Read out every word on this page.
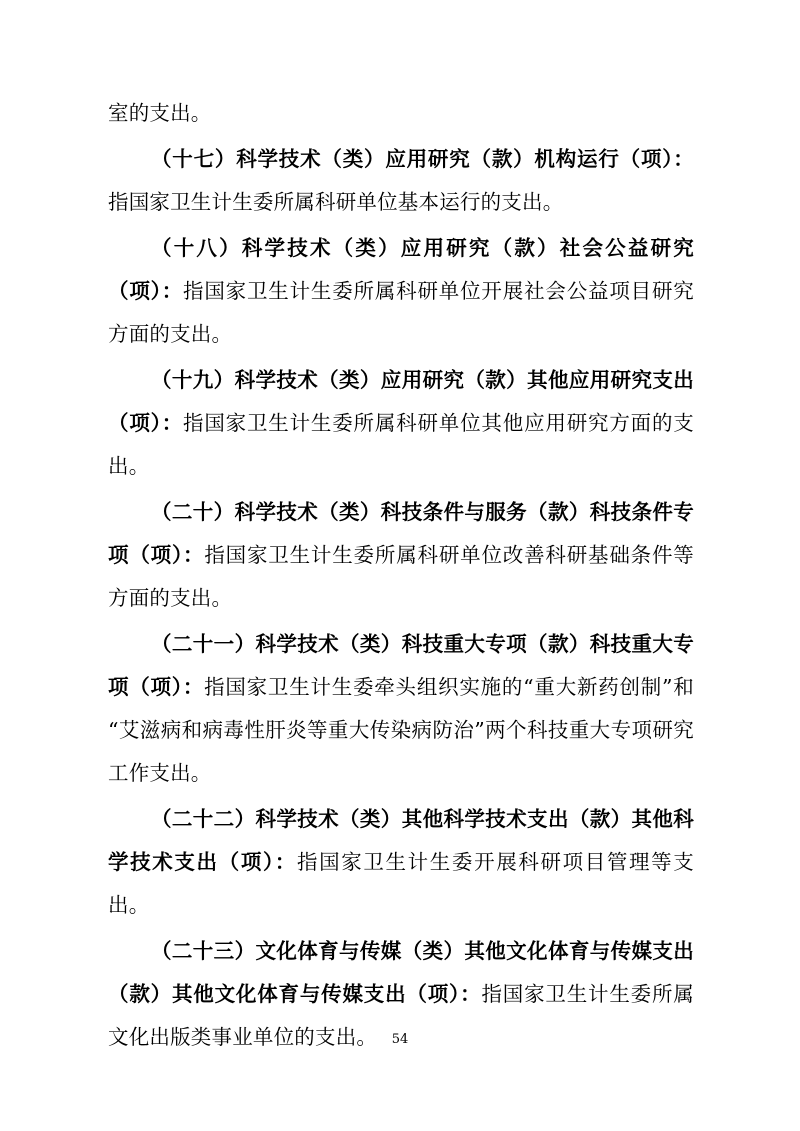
室的支出。

（十七）科学技术（类）应用研究（款）机构运行（项）：指国家卫生计生委所属科研单位基本运行的支出。

（十八）科学技术（类）应用研究（款）社会公益研究（项）：指国家卫生计生委所属科研单位开展社会公益项目研究方面的支出。

（十九）科学技术（类）应用研究（款）其他应用研究支出（项）：指国家卫生计生委所属科研单位其他应用研究方面的支出。

（二十）科学技术（类）科技条件与服务（款）科技条件专项（项）：指国家卫生计生委所属科研单位改善科研基础条件等方面的支出。

（二十一）科学技术（类）科技重大专项（款）科技重大专项（项）：指国家卫生计生委牵头组织实施的“重大新药创制”和“艾滋病和病毒性肝炎等重大传染病防治”两个科技重大专项研究工作支出。

（二十二）科学技术（类）其他科学技术支出（款）其他科学技术支出（项）：指国家卫生计生委开展科研项目管理等支出。

（二十三）文化体育与传媒（类）其他文化体育与传媒支出（款）其他文化体育与传媒支出（项）：指国家卫生计生委所属文化出版类事业单位的支出。	54
